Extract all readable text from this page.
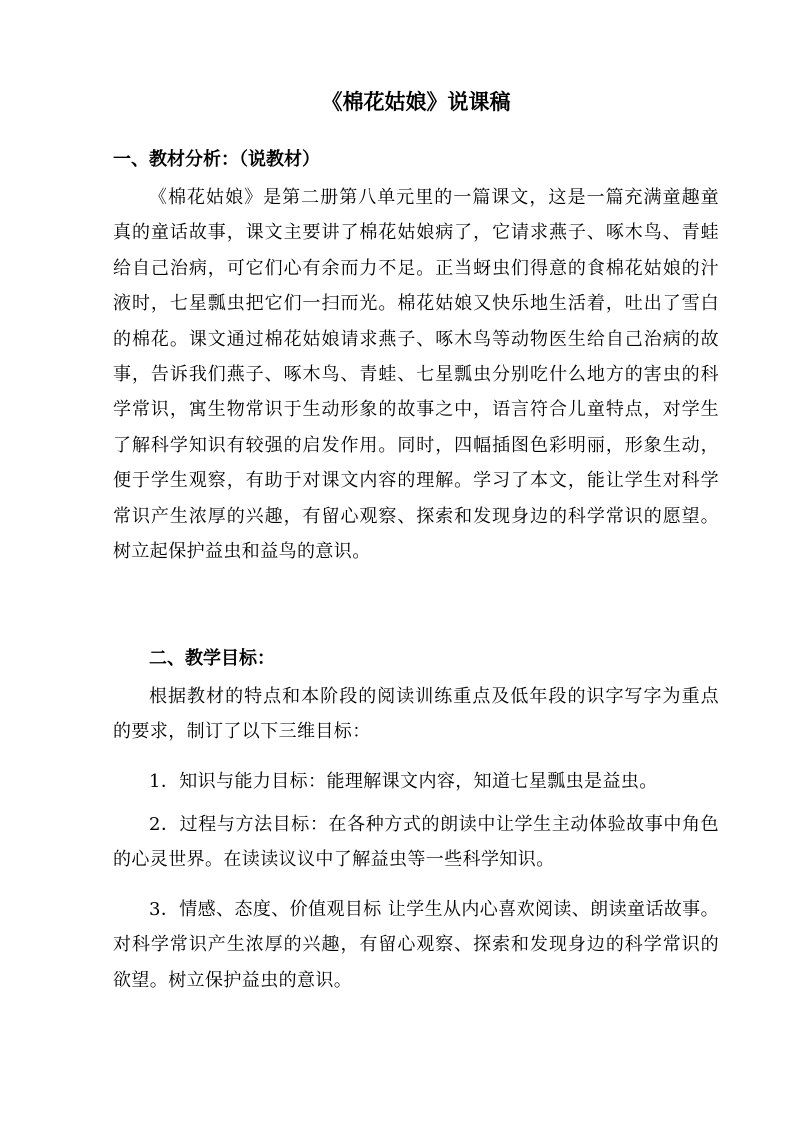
《棉花姑娘》说课稿
一、教材分析：（说教材）

《棉花姑娘》是第二册第八单元里的一篇课文，这是一篇充满童趣童真的童话故事，课文主要讲了棉花姑娘病了，它请求燕子、啄木鸟、青蛙给自己治病，可它们心有余而力不足。正当蚜虫们得意的食棉花姑娘的汁液时，七星瓢虫把它们一扫而光。棉花姑娘又快乐地生活着，吐出了雪白的棉花。课文通过棉花姑娘请求燕子、啄木鸟等动物医生给自己治病的故事，告诉我们燕子、啄木鸟、青蛙、七星瓢虫分别吃什么地方的害虫的科学常识，寓生物常识于生动形象的故事之中，语言符合儿童特点，对学生了解科学知识有较强的启发作用。同时，四幅插图色彩明丽，形象生动，便于学生观察，有助于对课文内容的理解。学习了本文，能让学生对科学常识产生浓厚的兴趣，有留心观察、探索和发现身边的科学常识的愿望。树立起保护益虫和益鸟的意识。

二、教学目标：

根据教材的特点和本阶段的阅读训练重点及低年段的识字写字为重点的要求，制订了以下三维目标：

1．知识与能力目标：能理解课文内容，知道七星瓢虫是益虫。

2．过程与方法目标：在各种方式的朗读中让学生主动体验故事中角色的心灵世界。在读读议议中了解益虫等一些科学知识。

3．情感、态度、价值观目标 让学生从内心喜欢阅读、朗读童话故事。对科学常识产生浓厚的兴趣，有留心观察、探索和发现身边的科学常识的欲望。树立保护益虫的意识。
